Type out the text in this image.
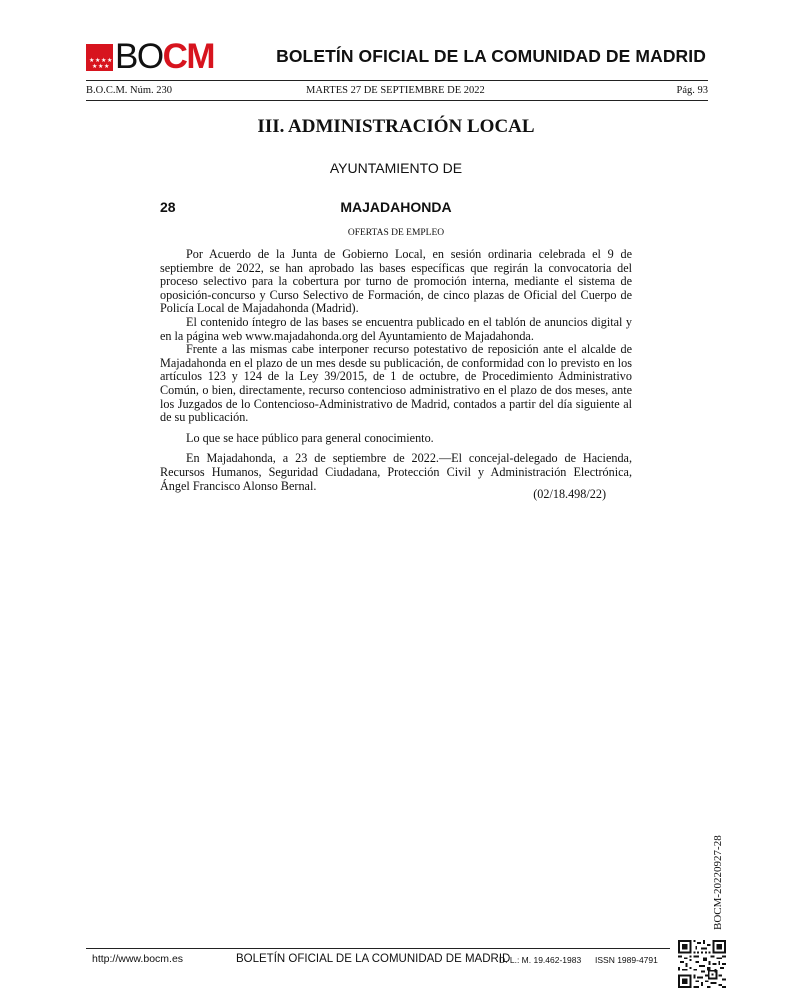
★ ★ ★ ★
★ ★ ★ BOCM	BOLETÍN OFICIAL DE LA COMUNIDAD DE MADRID
B.O.C.M. Núm. 230	MARTES 27 DE SEPTIEMBRE DE 2022	Pág. 93
III. ADMINISTRACIÓN LOCAL
AYUNTAMIENTO DE
28	MAJADAHONDA
OFERTAS DE EMPLEO

Por Acuerdo de la Junta de Gobierno Local, en sesión ordinaria celebrada el 9 de septiembre de 2022, se han aprobado las bases específicas que regirán la convocatoria del proceso selectivo para la cobertura por turno de promoción interna, mediante el sistema de oposición-concurso y Curso Selectivo de Formación, de cinco plazas de Oficial del Cuerpo de Policía Local de Majadahonda (Madrid).

El contenido íntegro de las bases se encuentra publicado en el tablón de anuncios digital y en la página web www.majadahonda.org del Ayuntamiento de Majadahonda.

Frente a las mismas cabe interponer recurso potestativo de reposición ante el alcalde de Majadahonda en el plazo de un mes desde su publicación, de conformidad con lo previsto en los artículos 123 y 124 de la Ley 39/2015, de 1 de octubre, de Procedimiento Administrativo Común, o bien, directamente, recurso contencioso administrativo en el plazo de dos meses, ante los Juzgados de lo Contencioso-Administrativo de Madrid, contados a partir del día siguiente al de su publicación.

Lo que se hace público para general conocimiento.

En Majadahonda, a 23 de septiembre de 2022.—El concejal-delegado de Hacienda, Recursos Humanos, Seguridad Ciudadana, Protección Civil y Administración Electrónica, Ángel Francisco Alonso Bernal.

(02/18.498/22)
BOCM-20220927-28
http://www.bocm.es	BOLETÍN OFICIAL DE LA COMUNIDAD DE MADRID
D. L.: M. 19.462-1983 ISSN 1989-4791
